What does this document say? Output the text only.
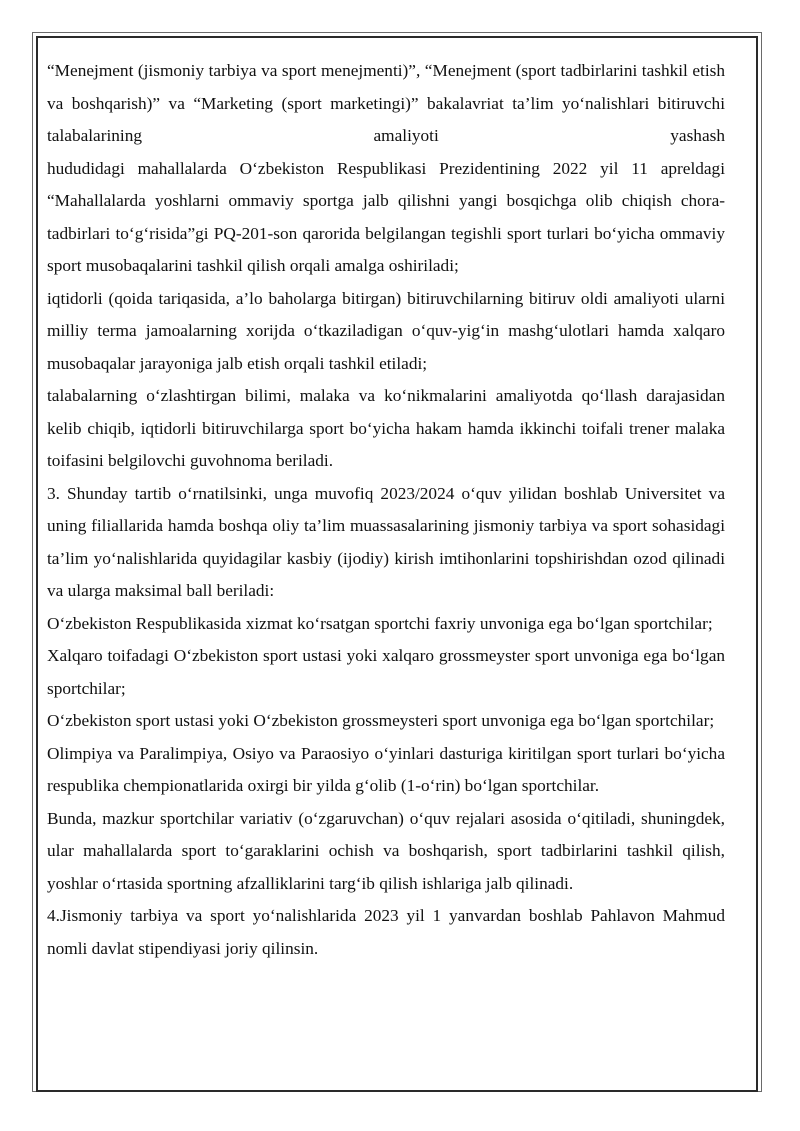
“Menejment (jismoniy tarbiya va sport menejmenti)”, “Menejment (sport tadbirlarini tashkil etish va boshqarish)” va “Marketing (sport marketingi)” bakalavriat ta’lim yo‘nalishlari bitiruvchi talabalarining amaliyoti yashash

hududidagi mahallalarda O‘zbekiston Respublikasi Prezidentining 2022 yil 11 apreldagi “Mahallalarda yoshlarni ommaviy sportga jalb qilishni yangi bosqichga olib chiqish chora-tadbirlari to‘g‘risida”gi PQ-201-son qarorida belgilangan tegishli sport turlari bo‘yicha ommaviy sport musobaqalarini tashkil qilish orqali amalga oshiriladi;

iqtidorli (qoida tariqasida, a’lo baholarga bitirgan) bitiruvchilarning bitiruv oldi amaliyoti ularni milliy terma jamoalarning xorijda o‘tkaziladigan o‘quv-yig‘in mashg‘ulotlari hamda xalqaro musobaqalar jarayoniga jalb etish orqali tashkil etiladi;

talabalarning o‘zlashtirgan bilimi, malaka va ko‘nikmalarini amaliyotda qo‘llash darajasidan kelib chiqib, iqtidorli bitiruvchilarga sport bo‘yicha hakam hamda ikkinchi toifali trener malaka toifasini belgilovchi guvohnoma beriladi.

3. Shunday tartib o‘rnatilsinki, unga muvofiq 2023/2024 o‘quv yilidan boshlab Universitet va uning filiallarida hamda boshqa oliy ta’lim muassasalarining jismoniy tarbiya va sport sohasidagi ta’lim yo‘nalishlarida quyidagilar kasbiy (ijodiy) kirish imtihonlarini topshirishdan ozod qilinadi va ularga maksimal ball beriladi:

O‘zbekiston Respublikasida xizmat ko‘rsatgan sportchi faxriy unvoniga ega bo‘lgan sportchilar;

Xalqaro toifadagi O‘zbekiston sport ustasi yoki xalqaro grossmeyster sport unvoniga ega bo‘lgan sportchilar;

O‘zbekiston sport ustasi yoki O‘zbekiston grossmeysteri sport unvoniga ega bo‘lgan sportchilar;

Olimpiya va Paralimpiya, Osiyo va Paraosiyo o‘yinlari dasturiga kiritilgan sport turlari bo‘yicha respublika chempionatlarida oxirgi bir yilda g‘olib (1-o‘rin) bo‘lgan sportchilar.

Bunda, mazkur sportchilar variativ (o‘zgaruvchan) o‘quv rejalari asosida o‘qitiladi, shuningdek, ular mahallalarda sport to‘garaklarini ochish va boshqarish, sport tadbirlarini tashkil qilish, yoshlar o‘rtasida sportning afzalliklarini targ‘ib qilish ishlariga jalb qilinadi.

4.Jismoniy tarbiya va sport yo‘nalishlarida 2023 yil 1 yanvardan boshlab Pahlavon Mahmud nomli davlat stipendiyasi joriy qilinsin.
